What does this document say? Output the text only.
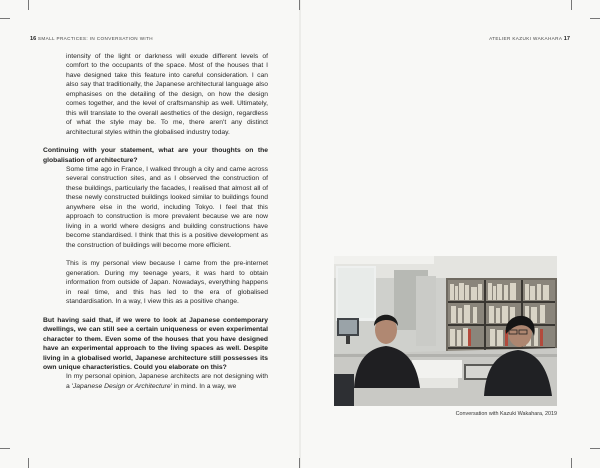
16 SMALL PRACTICES: IN CONVERSATION WITH	ATELIER KAZUKI WAKAHARA 17

intensity of the light or darkness will exude different levels of comfort to the occupants of the space. Most of the houses that I have designed take this feature into careful consideration. I can also say that traditionally, the Japanese architectural language also emphasises on the detailing of the design, on how the design comes together, and the level of craftsmanship as well. Ultimately, this will translate to the overall aesthetics of the design, regardless of what the style may be. To me, there aren't any distinct architectural styles within the globalised industry today.

Continuing with your statement, what are your thoughts on the globalisation of architecture?

Some time ago in France, I walked through a city and came across several construction sites, and as I observed the construction of these buildings, particularly the facades, I realised that almost all of these newly constructed buildings looked similar to buildings found anywhere else in the world, including Tokyo. I feel that this approach to construction is more prevalent because we are now living in a world where designs and building constructions have become standardised. I think that this is a positive development as the construction of buildings will become more efficient.

This is my personal view because I came from the pre-internet generation. During my teenage years, it was hard to obtain information from outside of Japan. Nowadays, everything happens in real time, and this has led to the era of globalised standardisation. In a way, I view this as a positive change.

But having said that, if we were to look at Japanese contemporary dwellings, we can still see a certain uniqueness or even experimental character to them. Even some of the houses that you have designed have an experimental approach to the living spaces as well. Despite living in a globalised world, Japanese architecture still possesses its own unique characteristics. Could you elaborate on this?

In my personal opinion, Japanese architects are not designing with a 'Japanese Design or Architecture' in mind. In a way, we

Conversation with Kazuki Wakahara, 2019
